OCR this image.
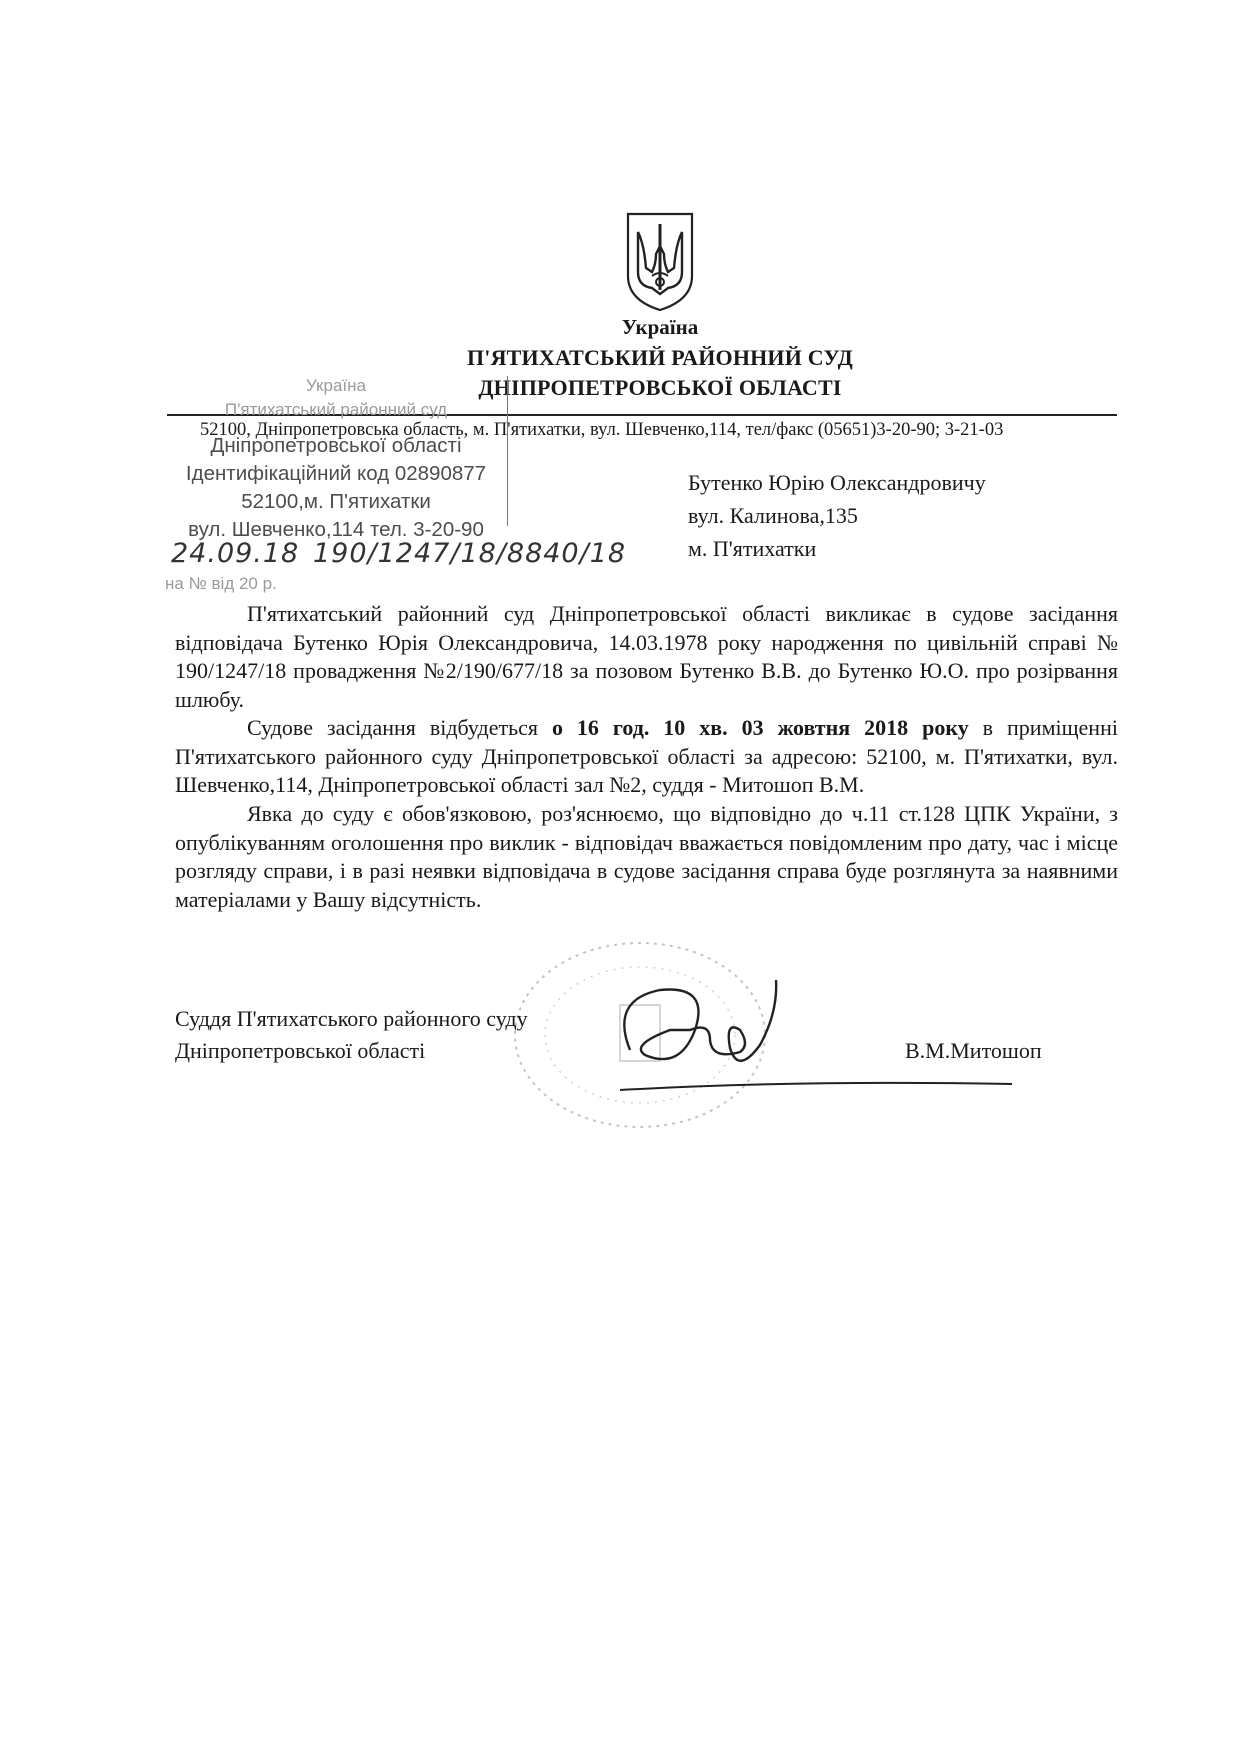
Україна
П'ЯТИХАТСЬКИЙ РАЙОННИЙ СУД
ДНІПРОПЕТРОВСЬКОЇ ОБЛАСТІ
52100, Дніпропетровська область, м. П'ятихатки, вул. Шевченко,114, тел/факс (05651)3-20-90; 3-21-03
Україна
П'ятихатський районний суд
Дніпропетровської області
Ідентифікаційний код 02890877
52100,м. П'ятихатки
вул. Шевченко,114 тел. 3-20-90
24.09.18 190/1247/18/8840/18
на № від 20 р.
Бутенко Юрію Олександровичу
вул. Калинова,135
м. П'ятихатки

П'ятихатський районний суд Дніпропетровської області викликає в судове засідання відповідача Бутенко Юрія Олександровича, 14.03.1978 року народження по цивільній справі № 190/1247/18 провадження №2/190/677/18 за позовом Бутенко В.В. до Бутенко Ю.О. про розірвання шлюбу.

Судове засідання відбудеться о 16 год. 10 хв. 03 жовтня 2018 року в приміщенні П'ятихатського районного суду Дніпропетровської області за адресою: 52100, м. П'ятихатки, вул. Шевченко,114, Дніпропетровської області зал №2, суддя - Митошоп В.М.

Явка до суду є обов'язковою, роз'яснюємо, що відповідно до ч.11 ст.128 ЦПК України, з опублікуванням оголошення про виклик - відповідач вважається повідомленим про дату, час і місце розгляду справи, і в разі неявки відповідача в судове засідання справа буде розглянута за наявними матеріалами у Вашу відсутність.

Суддя П'ятихатського районного суду
Дніпропетровської області	В.М.Митошоп
